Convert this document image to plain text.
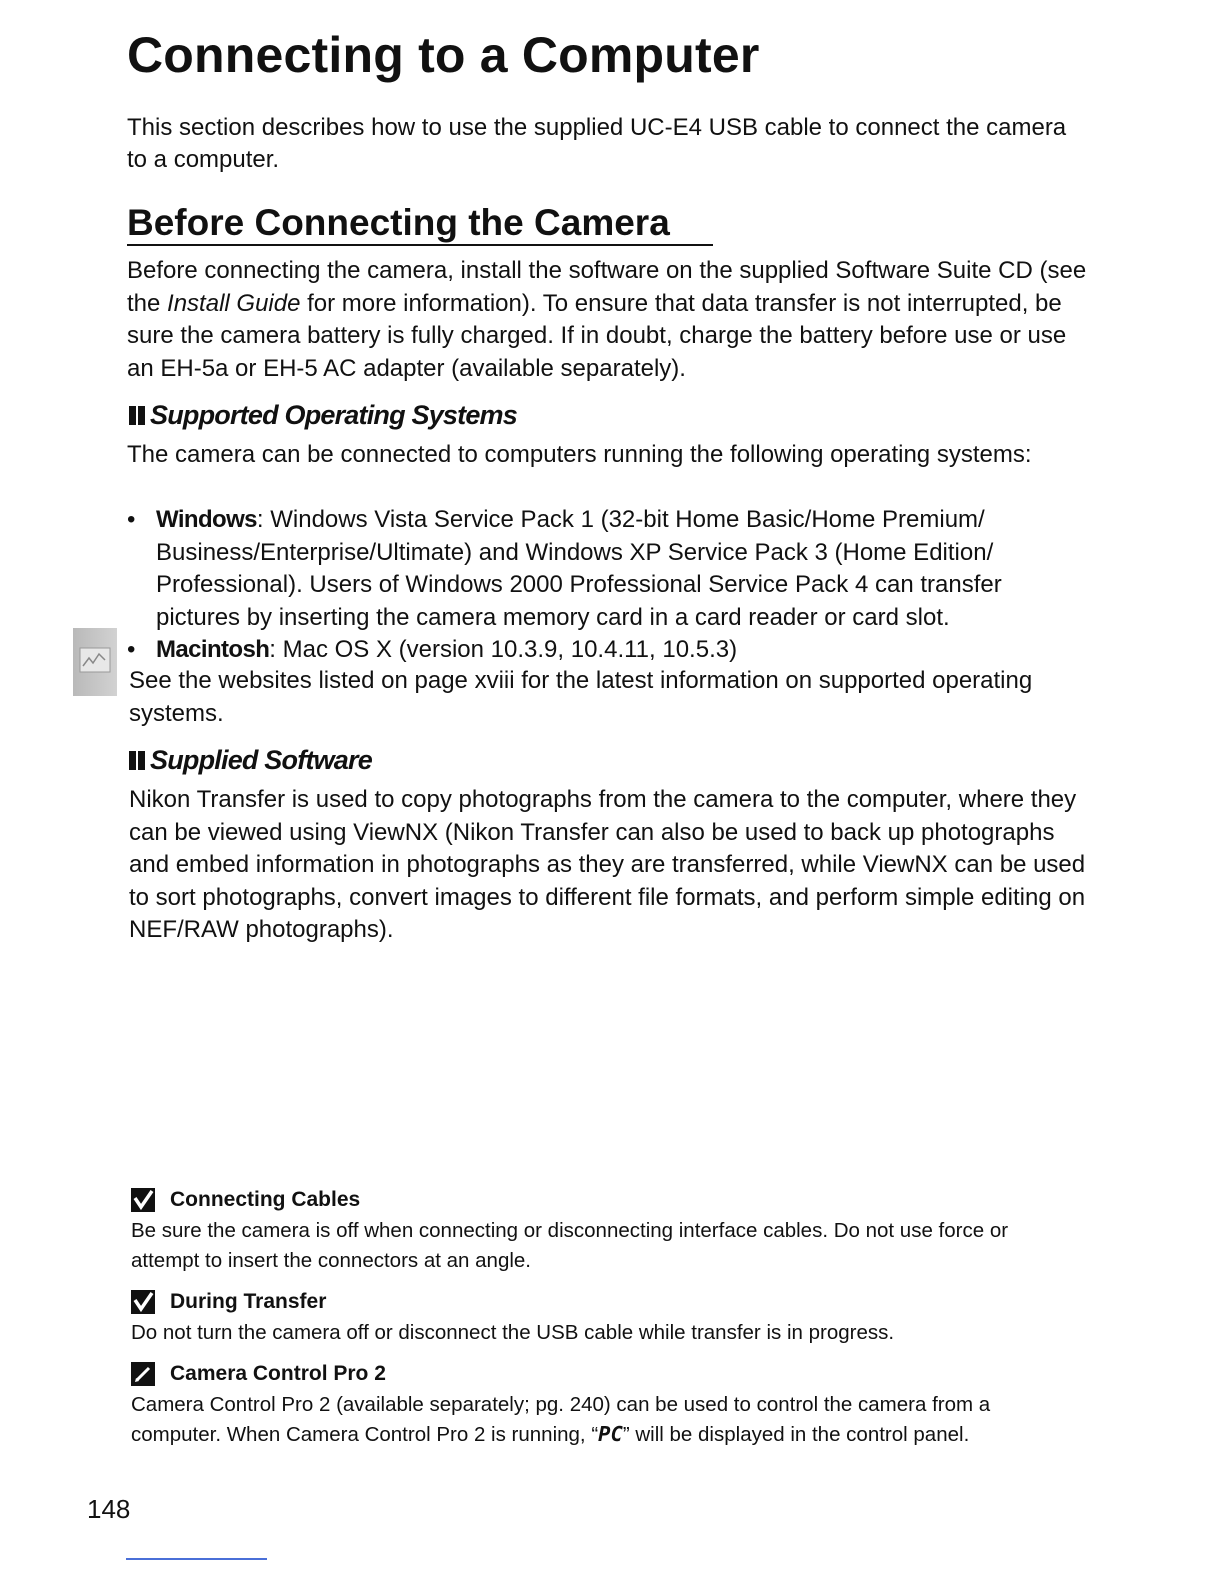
Connecting to a Computer

This section describes how to use the supplied UC-E4 USB cable to connect the camera to a computer.

Before Connecting the Camera

Before connecting the camera, install the software on the supplied Software Suite CD (see the Install Guide for more information). To ensure that data transfer is not interrupted, be sure the camera battery is fully charged. If in doubt, charge the battery before use or use an EH-5a or EH-5 AC adapter (available separately).

Supported Operating Systems

The camera can be connected to computers running the following operating systems:

• Windows: Windows Vista Service Pack 1 (32-bit Home Basic/Home Premium/ Business/Enterprise/Ultimate) and Windows XP Service Pack 3 (Home Edition/ Professional). Users of Windows 2000 Professional Service Pack 4 can transfer pictures by inserting the camera memory card in a card reader or card slot.
• Macintosh: Mac OS X (version 10.3.9, 10.4.11, 10.5.3)

See the websites listed on page xviii for the latest information on supported operating systems.

Supplied Software

Nikon Transfer is used to copy photographs from the camera to the computer, where they can be viewed using ViewNX (Nikon Transfer can also be used to back up photographs and embed information in photographs as they are transferred, while ViewNX can be used to sort photographs, convert images to different file formats, and perform simple editing on NEF/RAW photographs).

Connecting Cables

Be sure the camera is off when connecting or disconnecting interface cables. Do not use force or attempt to insert the connectors at an angle.

During Transfer

Do not turn the camera off or disconnect the USB cable while transfer is in progress.

Camera Control Pro 2

Camera Control Pro 2 (available separately; pg. 240) can be used to control the camera from a computer. When Camera Control Pro 2 is running, “PC” will be displayed in the control panel.

148
